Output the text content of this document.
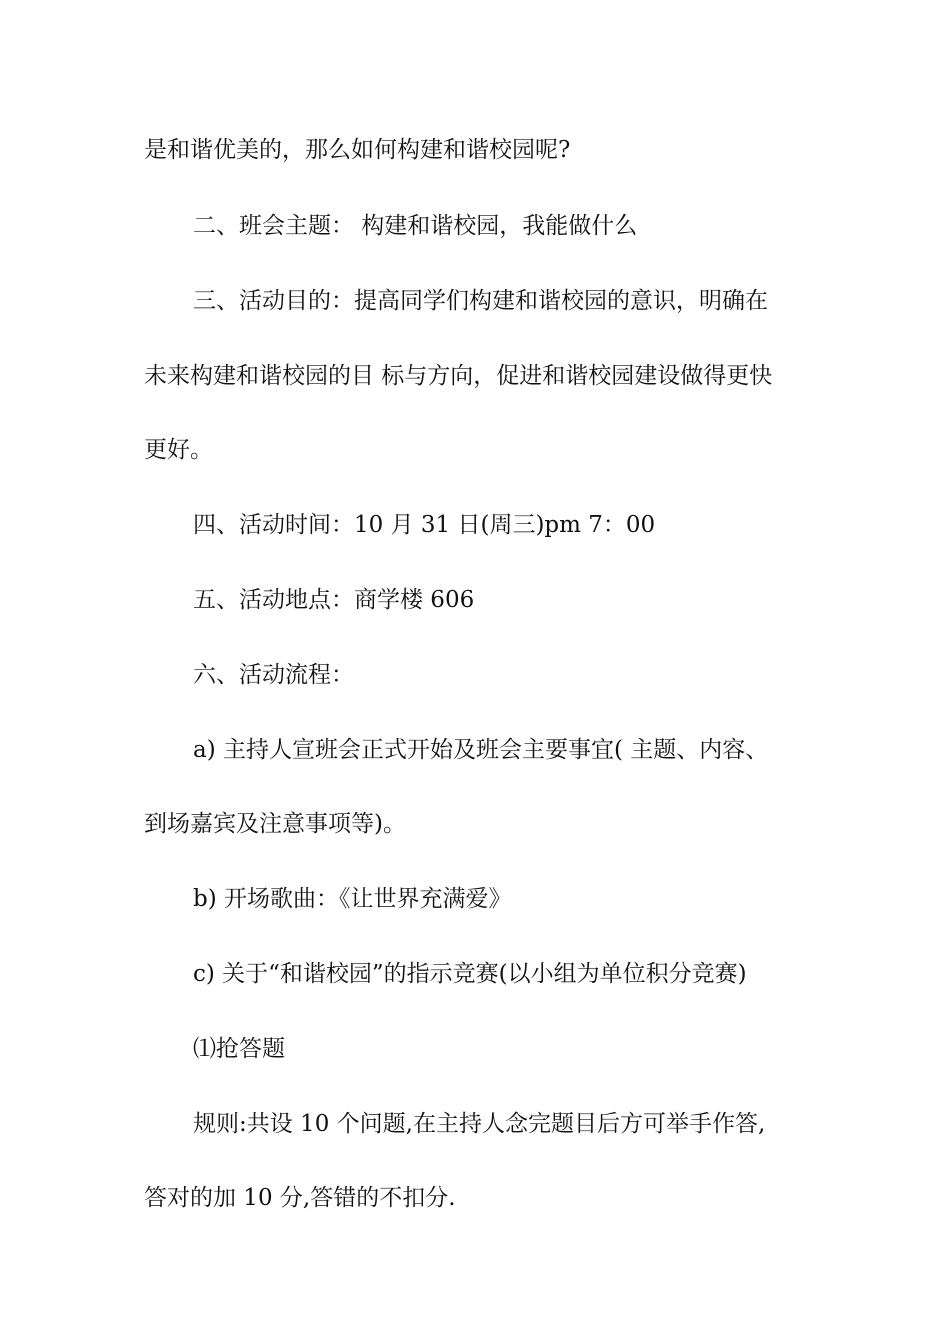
是和谐优美的，那么如何构建和谐校园呢?
二、班会主题： 构建和谐校园，我能做什么
三、活动目的：提高同学们构建和谐校园的意识，明确在
未来构建和谐校园的目 标与方向，促进和谐校园建设做得更快
更好。
四、活动时间：10 月 31 日(周三)pm 7：00
五、活动地点：商学楼 606
六、活动流程：
a) 主持人宣班会正式开始及班会主要事宜( 主题、内容、
到场嘉宾及注意事项等)。
b) 开场歌曲：《让世界充满爱》
c) 关于“和谐校园”的指示竞赛(以小组为单位积分竞赛)
⑴抢答题
规则:共设 10 个问题,在主持人念完题目后方可举手作答,
答对的加 10 分,答错的不扣分.
